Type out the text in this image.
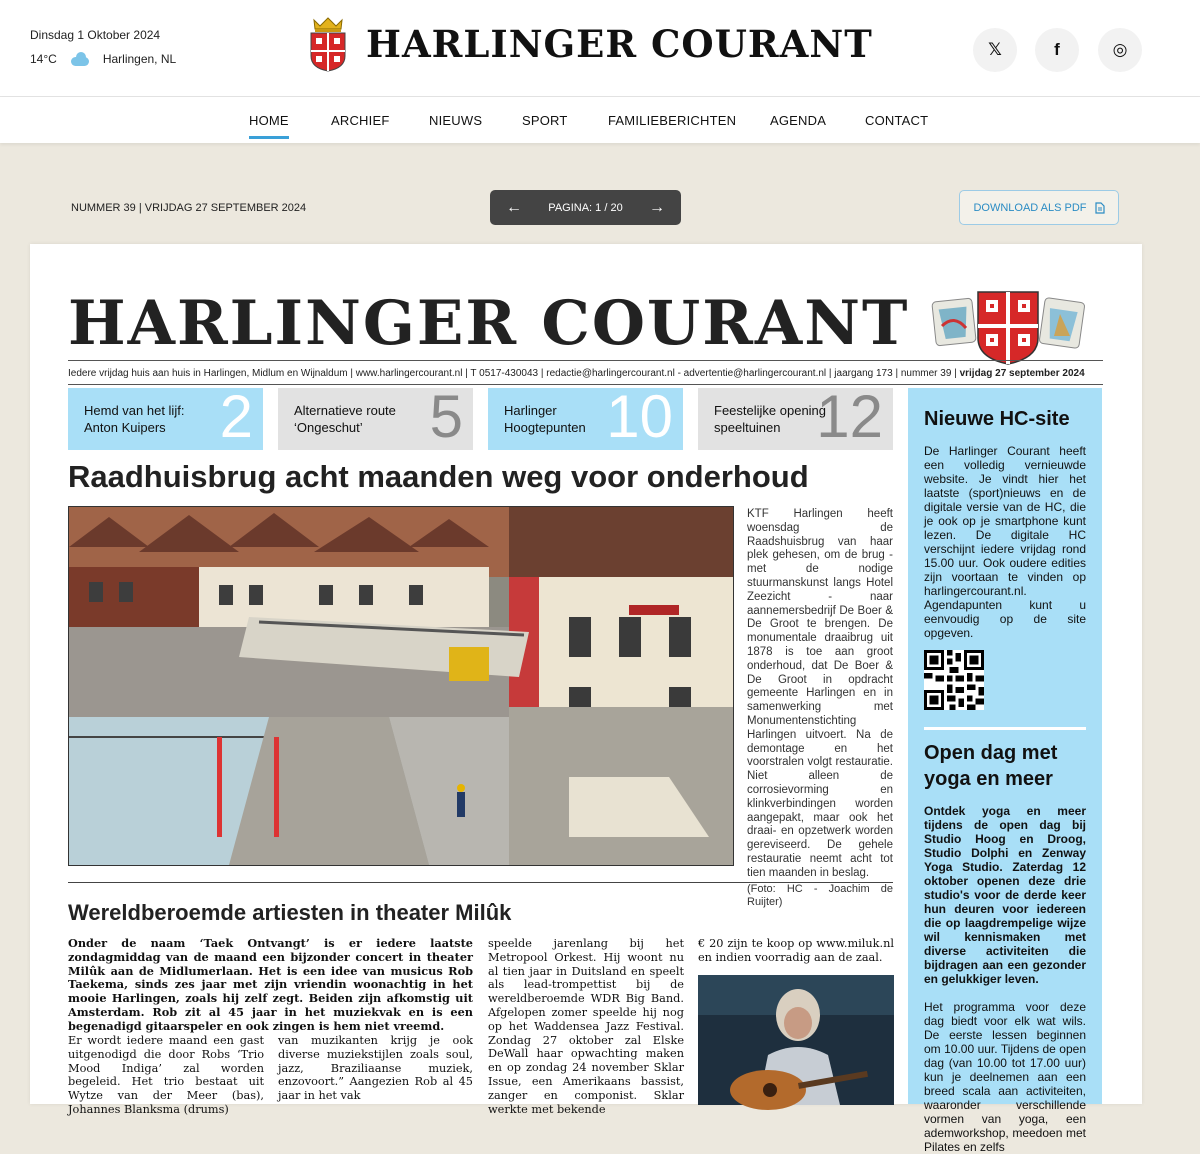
Dinsdag 1 Oktober 2024
14°C	Harlingen, NL	HARLINGER COURANT	𝕏	f	◎
HOME	ARCHIEF	NIEUWS	SPORT	FAMILIEBERICHTEN	AGENDA	CONTACT
NUMMER 39 | VRIJDAG 27 SEPTEMBER 2024	← PAGINA: 1 / 20 →	DOWNLOAD ALS PDF
HARLINGER COURANT
Iedere vrijdag huis aan huis in Harlingen, Midlum en Wijnaldum | www.harlingercourant.nl | T 0517-430043 | redactie@harlingercourant.nl - advertentie@harlingercourant.nl | jaargang 173 | nummer 39 | vrijdag 27 september 2024
Hemd van het lijf: Anton Kuipers 2	Alternatieve route ‘Ongeschut’	5	Harlinger Hoogtepunten 10	Feestelijke opening speeltuinen 12 Nieuwe HC-site
De Harlinger Courant heeft een volledig vernieuwde website. Je vindt hier het laatste (sport)nieuws en de digitale versie van de HC, die je ook op je smartphone kunt lezen. De digitale HC verschijnt iedere vrijdag rond 15.00 uur. Ook oudere edities zijn voortaan te vinden op harlingercourant.nl. Agendapunten kunt u eenvoudig op de site opgeven.
Open dag met yoga en meer
Ontdek yoga en meer tijdens de open dag bij Studio Hoog en Droog, Studio Dolphi en Zenway Yoga Studio. Zaterdag 12 oktober openen deze drie studio's voor de derde keer hun deuren voor iedereen die op laagdrempelige wijze wil kennismaken met diverse activiteiten die bijdragen aan een gezonder en gelukkiger leven.
Het programma voor deze dag biedt voor elk wat wils. De eerste lessen beginnen om 10.00 uur. Tijdens de open dag (van 10.00 tot 17.00 uur) kun je deelnemen aan een breed scala aan activiteiten, waaronder verschillende vormen van yoga, een ademworkshop, meedoen met Pilates en zelfs
Raadhuisbrug acht maanden weg voor onderhoud
KTF Harlingen heeft woensdag de Raadshuisbrug van haar plek gehesen, om de brug - met de nodige stuurmanskunst langs Hotel Zeezicht - naar aannemersbedrijf De Boer & De Groot te brengen. De monumentale draaibrug uit 1878 is toe aan groot onderhoud, dat De Boer & De Groot in opdracht gemeente Harlingen en in samenwerking met Monumentenstichting Harlingen uitvoert. Na de demontage en het voorstralen volgt restauratie. Niet alleen de corrosievorming en klinkverbindingen worden aangepakt, maar ook het draai- en opzetwerk worden gereviseerd. De gehele restauratie neemt acht tot tien maanden in beslag.
(Foto: HC - Joachim de Ruijter)
Wereldberoemde artiesten in theater Milûk
Onder de naam ‘Taek Ontvangt’ is er iedere laatste zondagmiddag van de maand een bijzonder concert in theater Milûk aan de Midlumerlaan. Het is een idee van musicus Rob Taekema, sinds zes jaar met zijn vriendin woonachtig in het mooie Harlingen, zoals hij zelf zegt. Beiden zijn afkomstig uit Amsterdam. Rob zit al 45 jaar in het muziekvak en is een begenadigd gitaarspeler en ook zingen is hem niet vreemd.
Er wordt iedere maand een gast uitgenodigd die door Robs ‘Trio Mood Indiga’ zal worden begeleid. Het trio bestaat uit Wytze van der Meer (bas), Johannes Blanksma (drums)
van muzikanten krijg je ook diverse muziekstijlen zoals soul, jazz, Braziliaanse muziek, enzovoort.” Aangezien Rob al 45 jaar in het vak
speelde jarenlang bij het Metropool Orkest. Hij woont nu al tien jaar in Duitsland en speelt als lead-trompettist bij de wereldberoemde WDR Big Band. Afgelopen zomer speelde hij nog op het Waddensea Jazz Festival. Zondag 27 oktober zal Elske DeWall haar opwachting maken en op zondag 24 november Sklar Issue, een Amerikaans bassist, zanger en componist. Sklar werkte met bekende
€ 20 zijn te koop op www.miluk.nl en indien voorradig aan de zaal.
